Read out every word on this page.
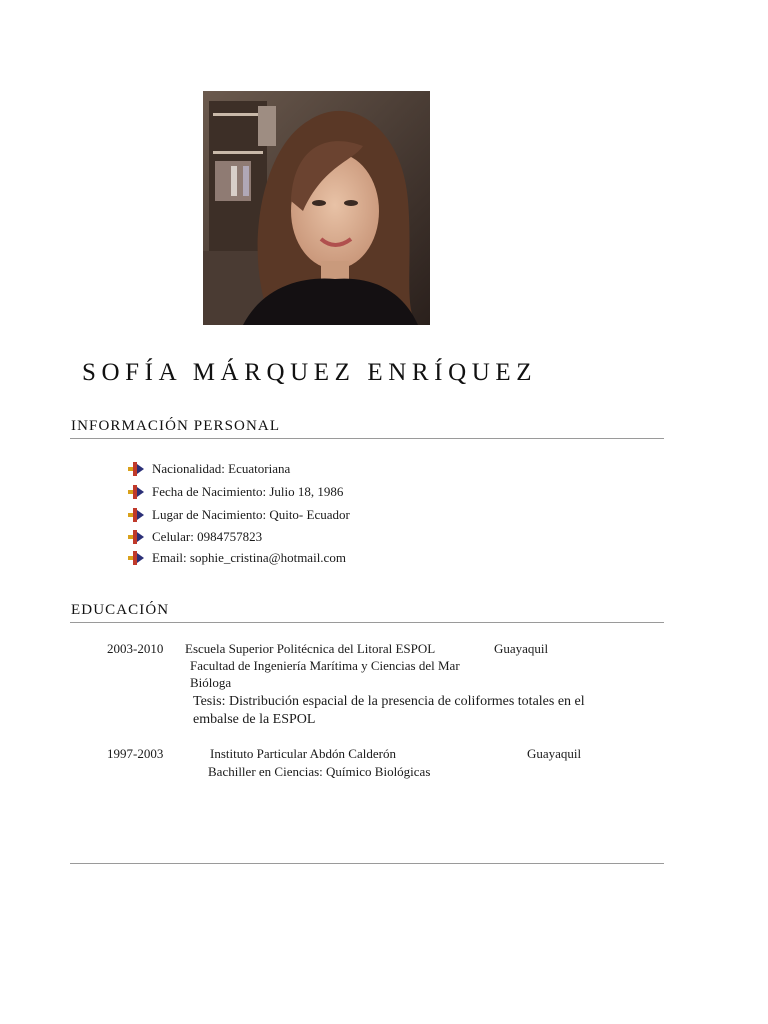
SOFÍA MÁRQUEZ ENRÍQUEZ
INFORMACIÓN PERSONAL
Nacionalidad: Ecuatoriana
Fecha de Nacimiento: Julio 18, 1986
Lugar de Nacimiento: Quito- Ecuador
Celular: 0984757823
Email: sophie_cristina@hotmail.com
EDUCACIÓN
2003-2010 Escuela Superior Politécnica del Litoral ESPOL	Guayaquil
Facultad de Ingeniería Marítima y Ciencias del Mar
Bióloga
Tesis: Distribución espacial de la presencia de coliformes totales en el
embalse de la ESPOL
1997-2003	Instituto Particular Abdón Calderón	Guayaquil
Bachiller en Ciencias: Químico Biológicas
